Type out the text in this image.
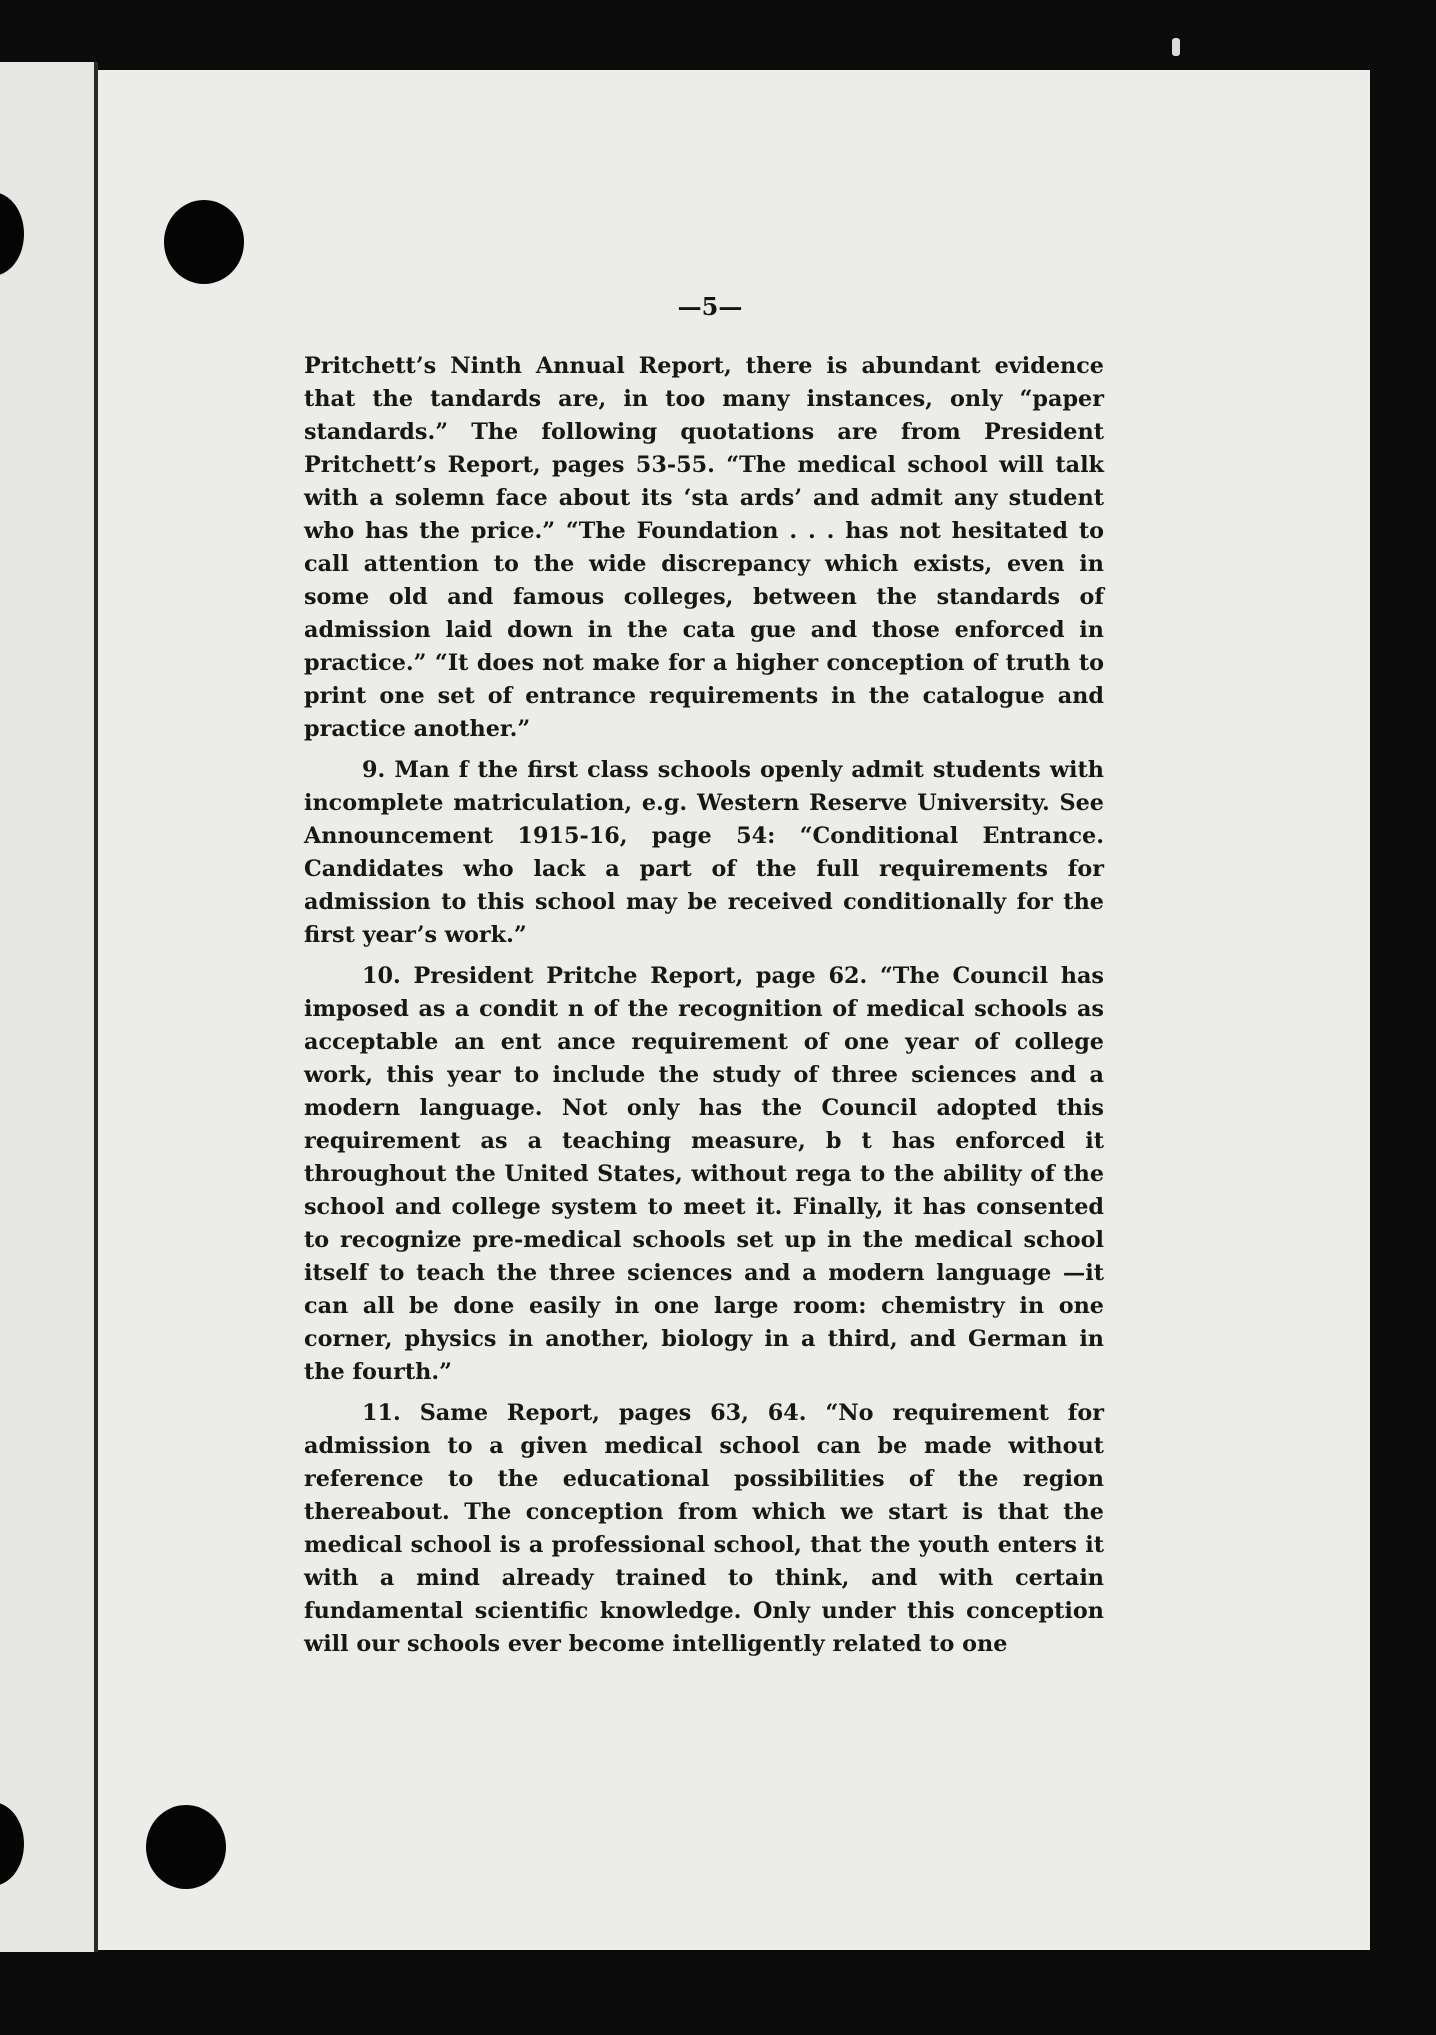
—5—

Pritchett’s Ninth Annual Report, there is abundant evidence that the tandards are, in too many instances, only “paper standards.” The following quotations are from President Pritchett’s Report, pages 53-55. “The medical school will talk with a solemn face about its ‘sta ards’ and admit any student who has the price.” “The Foundation . . . has not hesitated to call attention to the wide discrepancy which exists, even in some old and famous colleges, between the standards of admission laid down in the cata gue and those enforced in practice.” “It does not make for a higher conception of truth to print one set of entrance requirements in the catalogue and practice another.”

9. Man f the first class schools openly admit students with incomplete matriculation, e.g. Western Reserve University. See Announcement 1915-16, page 54: “Conditional Entrance. Candidates who lack a part of the full requirements for admission to this school may be received conditionally for the first year’s work.”

10. President Pritche Report, page 62. “The Council has imposed as a condit n of the recognition of medical schools as acceptable an ent ance requirement of one year of college work, this year to include the study of three sciences and a modern language. Not only has the Council adopted this requirement as a teaching measure, b t has enforced it throughout the United States, without rega to the ability of the school and college system to meet it. Finally, it has consented to recognize pre-medical schools set up in the medical school itself to teach the three sciences and a modern language —it can all be done easily in one large room: chemistry in one corner, physics in another, biology in a third, and German in the fourth.”

11. Same Report, pages 63, 64. “No requirement for admission to a given medical school can be made without reference to the educational possibilities of the region thereabout. The conception from which we start is that the medical school is a professional school, that the youth enters it with a mind already trained to think, and with certain fundamental scientific knowledge. Only under this conception will our schools ever become intelligently related to one
